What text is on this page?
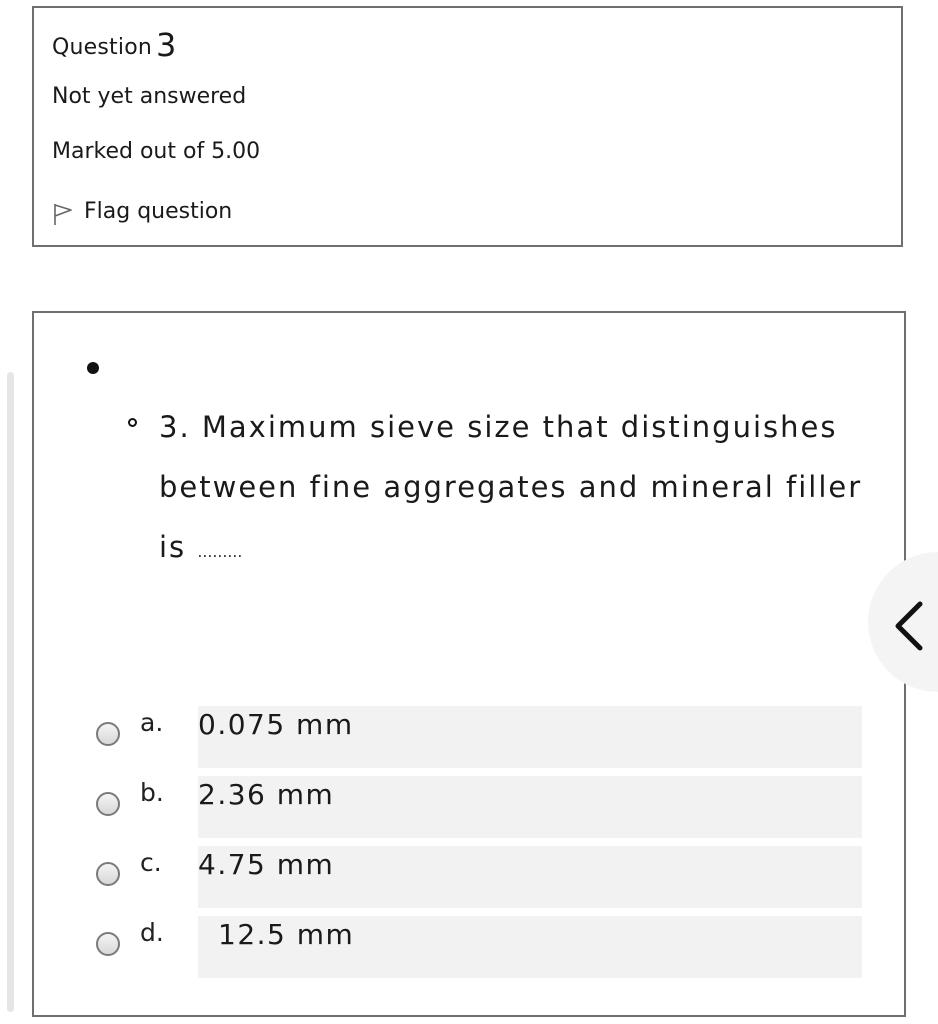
Question 3
Not yet answered
Marked out of 5.00
Flag question
3. Maximum sieve size that distinguishes between fine aggregates and mineral filler is ………
a. 0.075 mm
b. 2.36 mm
c. 4.75 mm
d.	12.5 mm
